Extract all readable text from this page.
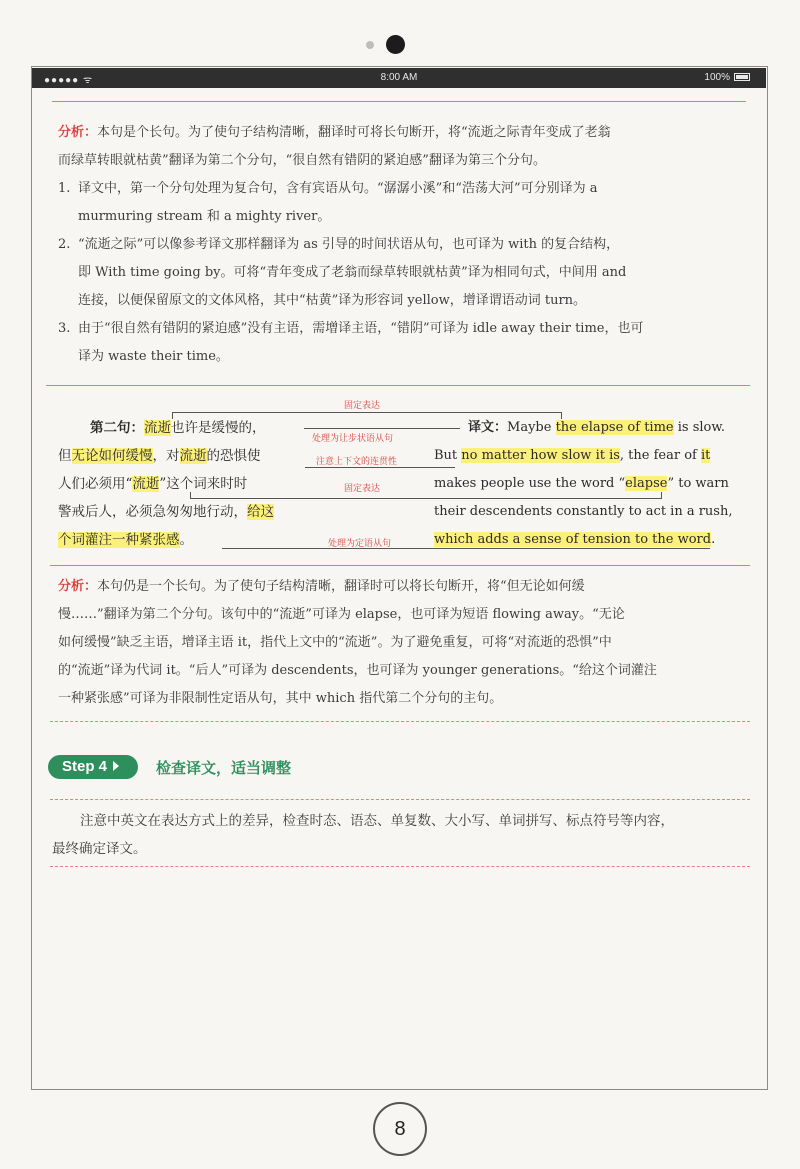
●●●●● ᯤ	8:00 AM	100%
分析：本句是个长句。为了使句子结构清晰，翻译时可将长句断开，将“流逝之际青年变成了老翁
而绿草转眼就枯黄”翻译为第二个分句，“很自然有错阴的紧迫感”翻译为第三个分句。
1. 译文中，第一个分句处理为复合句，含有宾语从句。“潺潺小溪”和“浩荡大河”可分别译为 a
murmuring stream 和 a mighty river。
2. “流逝之际”可以像参考译文那样翻译为 as 引导的时间状语从句，也可译为 with 的复合结构，
即 With time going by。可将“青年变成了老翁而绿草转眼就枯黄”译为相同句式，中间用 and
连接，以便保留原文的文体风格，其中“枯黄”译为形容词 yellow，增译谓语动词 turn。
3. 由于“很自然有错阴的紧迫感”没有主语，需增译主语，“错阴”可译为 idle away their time，也可
译为 waste their time。
第二句：流逝也许是缓慢的，
但无论如何缓慢，对流逝的恐惧使
人们必须用“流逝”这个词来时时
警戒后人，必须急匆匆地行动，给这
个词灌注一种紧张感。
译文：Maybe the elapse of time is slow.
But no matter how slow it is, the fear of it
makes people use the word “elapse” to warn
their descendents constantly to act in a rush,
which adds a sense of tension to the word.
固定表达
处理为让步状语从句
注意上下文的连贯性
固定表达
处理为定语从句
分析：本句仍是一个长句。为了使句子结构清晰，翻译时可以将长句断开，将“但无论如何缓
慢……”翻译为第二个分句。该句中的“流逝”可译为 elapse，也可译为短语 flowing away。“无论
如何缓慢”缺乏主语，增译主语 it，指代上文中的“流逝”。为了避免重复，可将“对流逝的恐惧”中
的“流逝”译为代词 it。“后人”可译为 descendents，也可译为 younger generations。“给这个词灌注
一种紧张感”可译为非限制性定语从句，其中 which 指代第二个分句的主句。
Step 4	检查译文，适当调整
注意中英文在表达方式上的差异，检查时态、语态、单复数、大小写、单词拼写、标点符号等内容，
最终确定译文。
8
